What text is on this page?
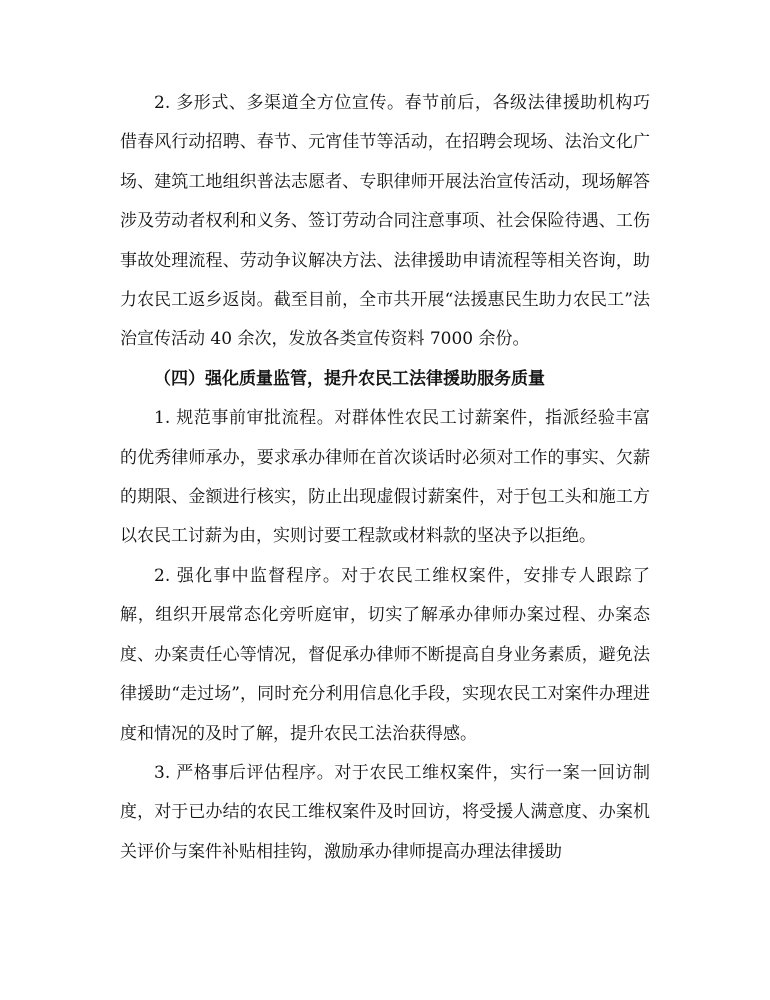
2. 多形式、多渠道全方位宣传。春节前后，各级法律援助机构巧借春风行动招聘、春节、元宵佳节等活动，在招聘会现场、法治文化广场、建筑工地组织普法志愿者、专职律师开展法治宣传活动，现场解答涉及劳动者权利和义务、签订劳动合同注意事项、社会保险待遇、工伤事故处理流程、劳动争议解决方法、法律援助申请流程等相关咨询，助力农民工返乡返岗。截至目前，全市共开展“法援惠民生助力农民工”法治宣传活动 40 余次，发放各类宣传资料 7000 余份。

（四）强化质量监管，提升农民工法律援助服务质量

1. 规范事前审批流程。对群体性农民工讨薪案件，指派经验丰富的优秀律师承办，要求承办律师在首次谈话时必须对工作的事实、欠薪的期限、金额进行核实，防止出现虚假讨薪案件，对于包工头和施工方以农民工讨薪为由，实则讨要工程款或材料款的坚决予以拒绝。

2. 强化事中监督程序。对于农民工维权案件，安排专人跟踪了解，组织开展常态化旁听庭审，切实了解承办律师办案过程、办案态度、办案责任心等情况，督促承办律师不断提高自身业务素质，避免法律援助“走过场”，同时充分利用信息化手段，实现农民工对案件办理进度和情况的及时了解，提升农民工法治获得感。

3. 严格事后评估程序。对于农民工维权案件，实行一案一回访制度，对于已办结的农民工维权案件及时回访，将受援人满意度、办案机关评价与案件补贴相挂钩，激励承办律师提高办理法律援助
